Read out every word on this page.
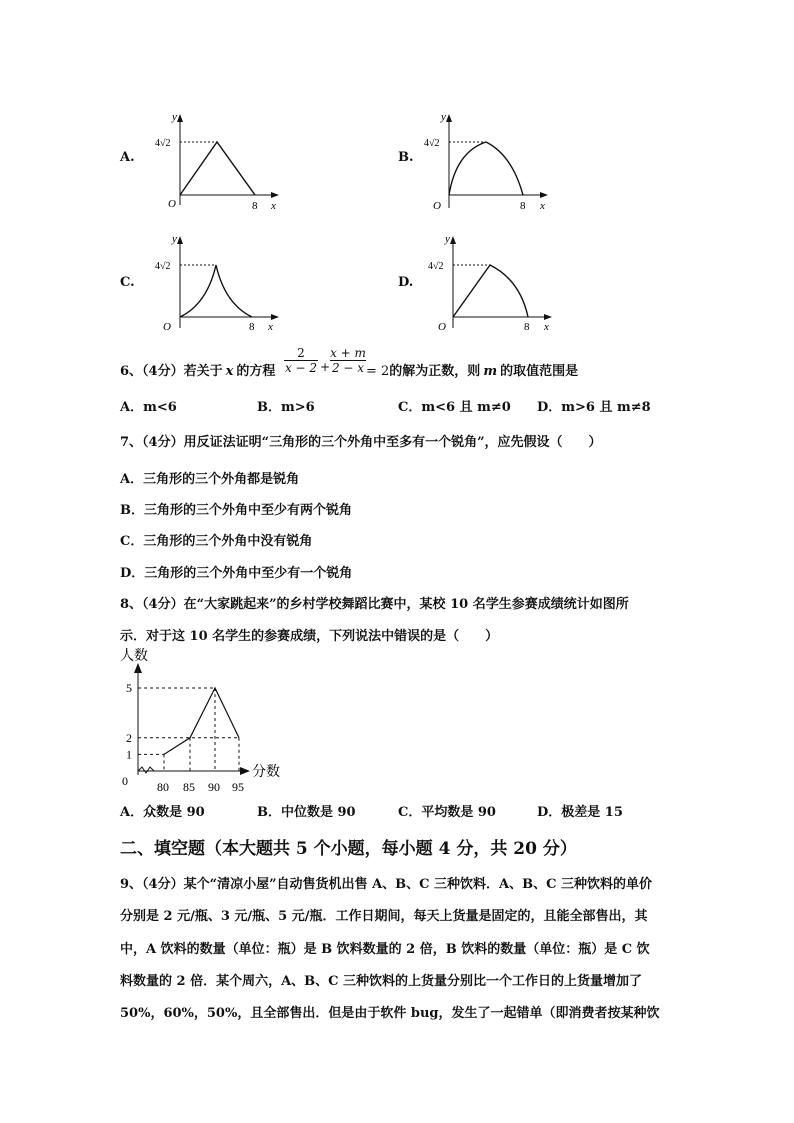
A.
y
4√2
O	8 x
B.
y
4√2
O	8 x
C.
y
4√2
O	8 x
D.
y
4√2
O	8 x
6、（4分）若关于 x 的方程
2
x − 2 +
x + m
2 − x = 2的解为正数，则 m 的取值范围是
A．m<6	B．m>6	C．m<6 且 m≠0 D．m>6 且 m≠8
7、（4分）用反证法证明“三角形的三个外角中至多有一个锐角”，应先假设（　　）
A．三角形的三个外角都是锐角
B．三角形的三个外角中至少有两个锐角
C．三角形的三个外角中没有锐角
D．三角形的三个外角中至少有一个锐角
8、（4分）在“大家跳起来”的乡村学校舞蹈比赛中，某校 10 名学生参赛成绩统计如图所
示．对于这 10 名学生的参赛成绩，下列说法中错误的是（　　）
人数
分数
0 80 85 90 95
1
2
5
A．众数是 90	B．中位数是 90	C．平均数是 90	D．极差是 15
二、填空题（本大题共 5 个小题，每小题 4 分，共 20 分）
9、（4分）某个“清凉小屋”自动售货机出售 A、B、C 三种饮料．A、B、C 三种饮料的单价
分别是 2 元/瓶、3 元/瓶、5 元/瓶．工作日期间，每天上货量是固定的，且能全部售出，其
中，A 饮料的数量（单位：瓶）是 B 饮料数量的 2 倍，B 饮料的数量（单位：瓶）是 C 饮
料数量的 2 倍．某个周六，A、B、C 三种饮料的上货量分别比一个工作日的上货量增加了
50%，60%，50%，且全部售出．但是由于软件 bug，发生了一起错单（即消费者按某种饮
